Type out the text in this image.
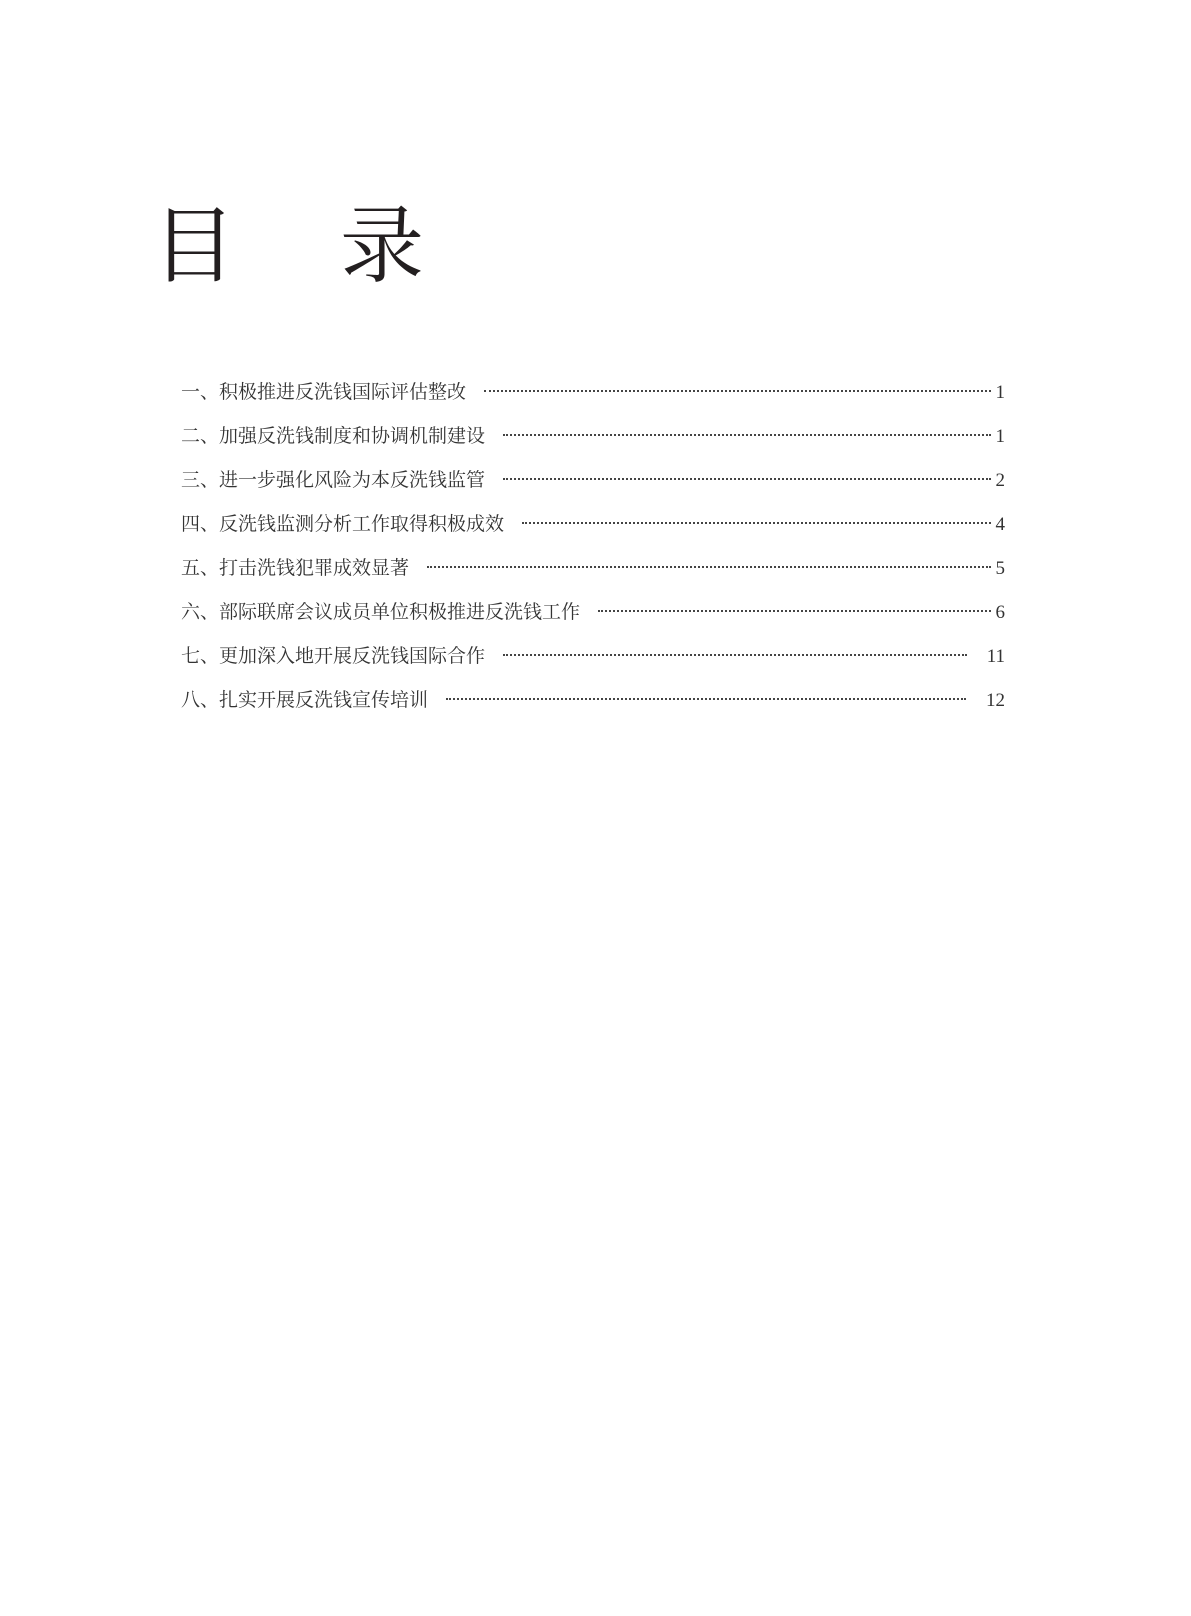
目 录
一、积极推进反洗钱国际评估整改	1
二、加强反洗钱制度和协调机制建设	1
三、进一步强化风险为本反洗钱监管	2
四、反洗钱监测分析工作取得积极成效	4
五、打击洗钱犯罪成效显著	5
六、部际联席会议成员单位积极推进反洗钱工作	6
七、更加深入地开展反洗钱国际合作	11
八、扎实开展反洗钱宣传培训	12
